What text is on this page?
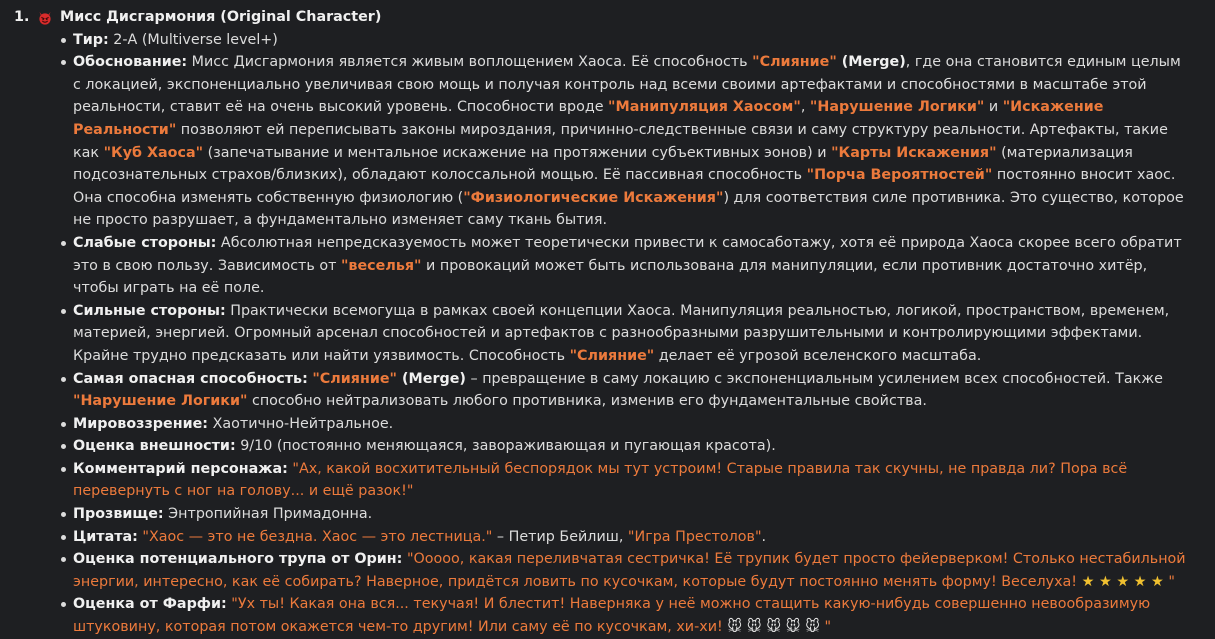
1.	Мисс Дисгармония (Original Character)
Тир: 2-A (Multiverse level+)
Обоснование: Мисс Дисгармония является живым воплощением Хаоса. Её способность "Слияние" (Merge), где она становится единым целым с локацией, экспоненциально увеличивая свою мощь и получая контроль над всеми своими артефактами и способностями в масштабе этой реальности, ставит её на очень высокий уровень. Способности вроде "Манипуляция Хаосом", "Нарушение Логики" и "Искажение Реальности" позволяют ей переписывать законы мироздания, причинно-следственные связи и саму структуру реальности. Артефакты, такие как "Куб Хаоса" (запечатывание и ментальное искажение на протяжении субъективных эонов) и "Карты Искажения" (материализация подсознательных страхов/близких), обладают колоссальной мощью. Её пассивная способность "Порча Вероятностей" постоянно вносит хаос. Она способна изменять собственную физиологию ("Физиологические Искажения") для соответствия силе противника. Это существо, которое не просто разрушает, а фундаментально изменяет саму ткань бытия.
Слабые стороны: Абсолютная непредсказуемость может теоретически привести к самосаботажу, хотя её природа Хаоса скорее всего обратит это в свою пользу. Зависимость от "веселья" и провокаций может быть использована для манипуляции, если противник достаточно хитёр, чтобы играть на её поле.
Сильные стороны: Практически всемогуща в рамках своей концепции Хаоса. Манипуляция реальностью, логикой, пространством, временем, материей, энергией. Огромный арсенал способностей и артефактов с разнообразными разрушительными и контролирующими эффектами. Крайне трудно предсказать или найти уязвимость. Способность "Слияние" делает её угрозой вселенского масштаба.
Самая опасная способность: "Слияние" (Merge) – превращение в саму локацию с экспоненциальным усилением всех способностей. Также "Нарушение Логики" способно нейтрализовать любого противника, изменив его фундаментальные свойства.
Мировоззрение: Хаотично-Нейтральное.
Оценка внешности: 9/10 (постоянно меняющаяся, завораживающая и пугающая красота).
Комментарий персонажа: "Ах, какой восхитительный беспорядок мы тут устроим! Старые правила так скучны, не правда ли? Пора всё перевернуть с ног на голову... и ещё разок!"
Прозвище: Энтропийная Примадонна.
Цитата: "Хаос — это не бездна. Хаос — это лестница." – Петир Бейлиш, "Игра Престолов".
Оценка потенциального трупа от Орин: "Ооооо, какая переливчатая сестричка! Её трупик будет просто фейерверком! Столько нестабильной энергии, интересно, как её собирать? Наверное, придётся ловить по кусочкам, которые будут постоянно менять форму! Веселуха! ★ ★ ★ ★ ★ "
Оценка от Фарфи: "Ух ты! Какая она вся... текучая! И блестит! Наверняка у неё можно стащить какую-нибудь совершенно невообразимую штуковину, которая потом окажется чем-то другим! Или саму её по кусочкам, хи-хи! 🐭 🐭 🐭 🐭 🐭 "
